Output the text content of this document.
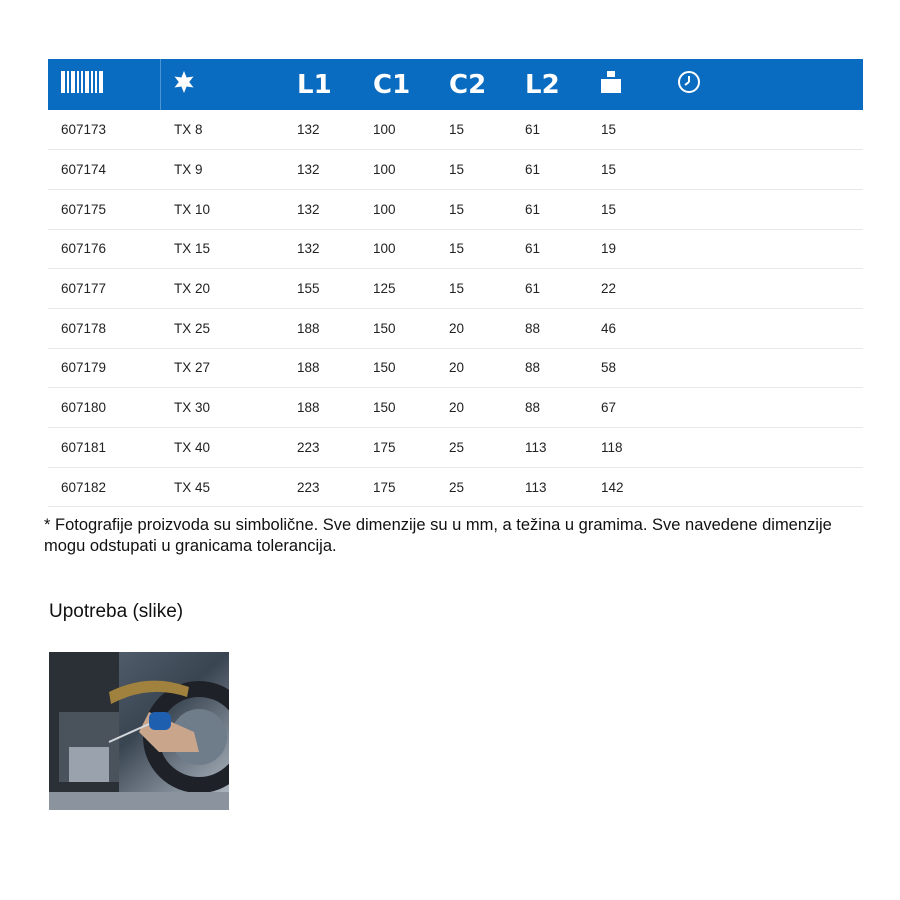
		L1	C1	C2	L2		
607173	TX 8	132	100	15	61	15	
607174	TX 9	132	100	15	61	15	
607175	TX 10	132	100	15	61	15	
607176	TX 15	132	100	15	61	19	
607177	TX 20	155	125	15	61	22	
607178	TX 25	188	150	20	88	46	
607179	TX 27	188	150	20	88	58	
607180	TX 30	188	150	20	88	67	
607181	TX 40	223	175	25	113	118	
607182	TX 45	223	175	25	113	142	
* Fotografije proizvoda su simbolične. Sve dimenzije su u mm, a težina u gramima. Sve navedene dimenzije mogu odstupati u granicama tolerancija.
Upotreba (slike)
